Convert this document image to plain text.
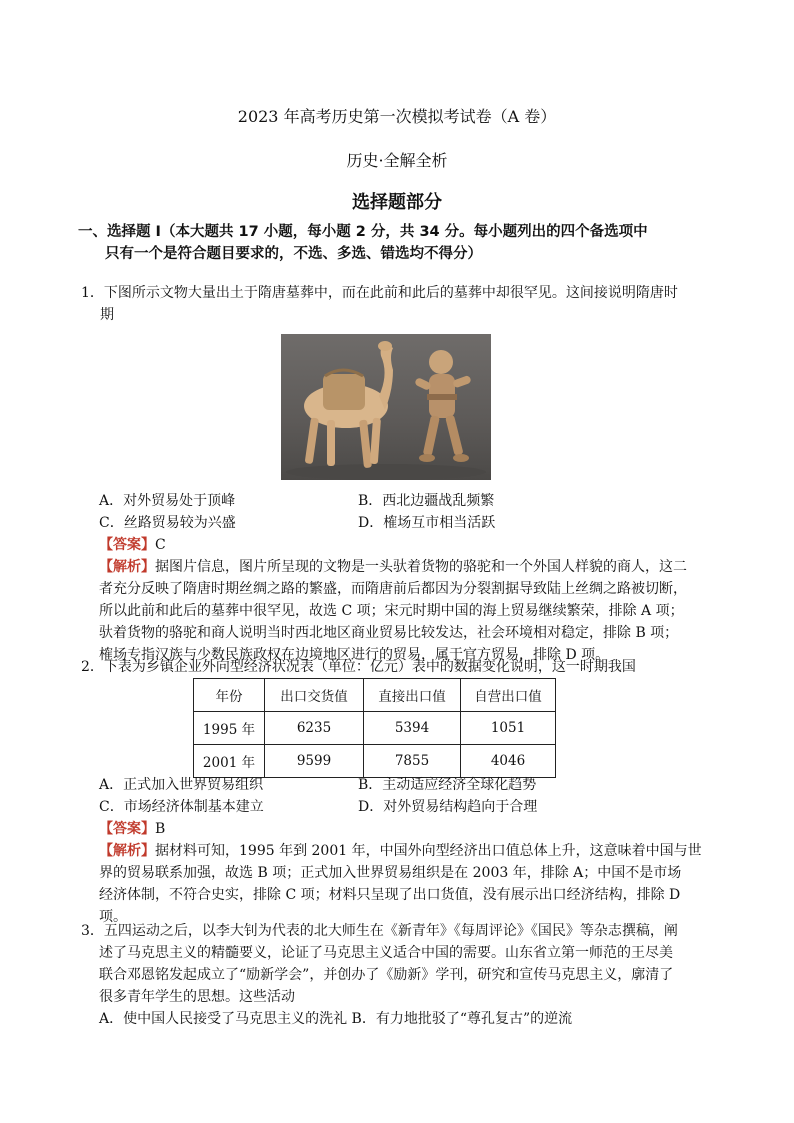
2023 年高考历史第一次模拟考试卷（A 卷）
历史·全解全析
选择题部分
一、选择题 I（本大题共 17 小题，每小题 2 分，共 34 分。每小题列出的四个备选项中
只有一个是符合题目要求的，不选、多选、错选均不得分）
1．下图所示文物大量出土于隋唐墓葬中，而在此前和此后的墓葬中却很罕见。这间接说明隋唐时
期
A．对外贸易处于顶峰	B．西北边疆战乱频繁
C．丝路贸易较为兴盛	D．榷场互市相当活跃
【答案】C
【解析】据图片信息，图片所呈现的文物是一头驮着货物的骆驼和一个外国人样貌的商人，这二
者充分反映了隋唐时期丝绸之路的繁盛，而隋唐前后都因为分裂割据导致陆上丝绸之路被切断，
所以此前和此后的墓葬中很罕见，故选 C 项；宋元时期中国的海上贸易继续繁荣，排除 A 项；
驮着货物的骆驼和商人说明当时西北地区商业贸易比较发达，社会环境相对稳定，排除 B 项；
榷场专指汉族与少数民族政权在边境地区进行的贸易，属于官方贸易，排除 D 项。
2．下表为乡镇企业外向型经济状况表（单位：亿元）表中的数据变化说明，这一时期我国
年份	出口交货值	直接出口值	自营出口值
1995 年	6235	5394	1051
2001 年	9599	7855	4046
A．正式加入世界贸易组织	B．主动适应经济全球化趋势
C．市场经济体制基本建立	D．对外贸易结构趋向于合理
【答案】B
【解析】据材料可知，1995 年到 2001 年，中国外向型经济出口值总体上升，这意味着中国与世
界的贸易联系加强，故选 B 项；正式加入世界贸易组织是在 2003 年，排除 A；中国不是市场
经济体制，不符合史实，排除 C 项；材料只呈现了出口货值，没有展示出口经济结构，排除 D
项。
3．五四运动之后，以李大钊为代表的北大师生在《新青年》《每周评论》《国民》等杂志撰稿，阐
述了马克思主义的精髓要义，论证了马克思主义适合中国的需要。山东省立第一师范的王尽美
联合邓恩铭发起成立了“励新学会”，并创办了《励新》学刊，研究和宣传马克思主义，廓清了
很多青年学生的思想。这些活动
A．使中国人民接受了马克思主义的洗礼 B．有力地批驳了“尊孔复古”的逆流
